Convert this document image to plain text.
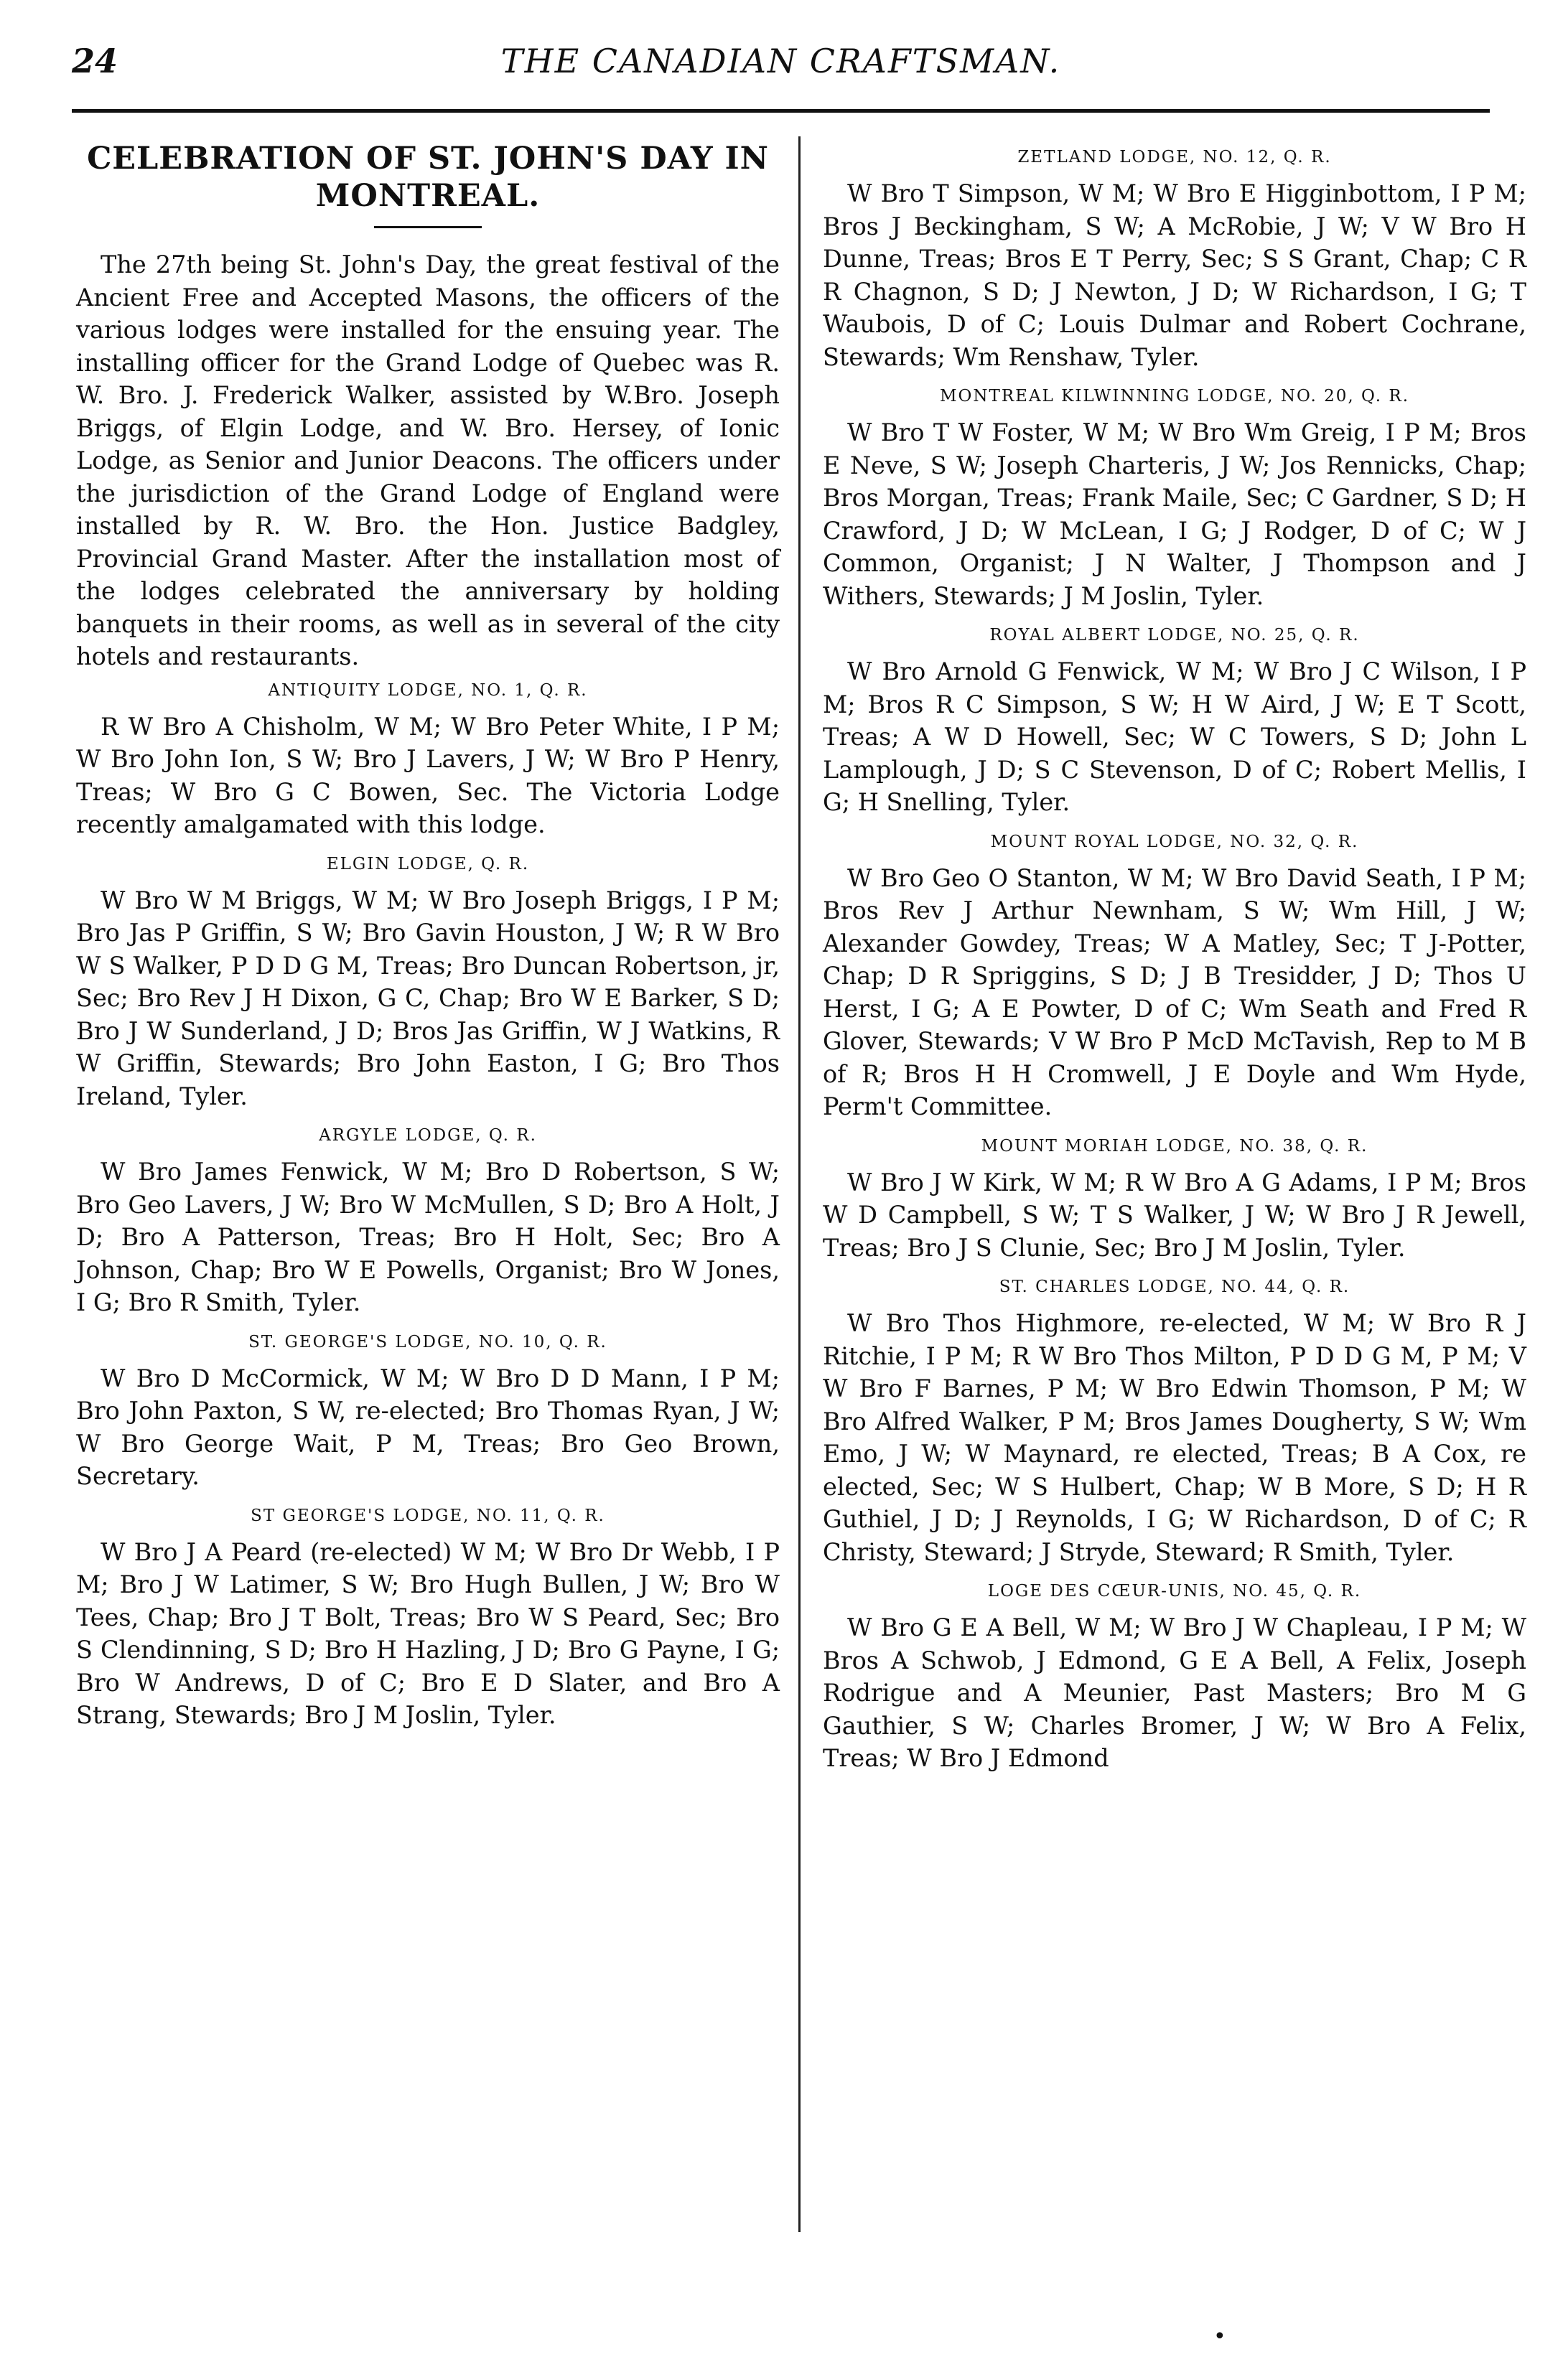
24	THE CANADIAN CRAFTSMAN.
CELEBRATION OF ST. JOHN'S DAY IN MONTREAL.

The 27th being St. John's Day, the great festival of the Ancient Free and Accepted Masons, the officers of the various lodges were installed for the ensuing year. The installing officer for the Grand Lodge of Quebec was R. W. Bro. J. Frederick Walker, assisted by W.Bro. Joseph Briggs, of Elgin Lodge, and W. Bro. Hersey, of Ionic Lodge, as Senior and Junior Deacons. The officers under the jurisdiction of the Grand Lodge of England were installed by R. W. Bro. the Hon. Justice Badgley, Provincial Grand Master. After the installation most of the lodges celebrated the anniversary by holding banquets in their rooms, as well as in several of the city hotels and restaurants.

ANTIQUITY LODGE, NO. 1, Q. R.

R W Bro A Chisholm, W M; W Bro Peter White, I P M; W Bro John Ion, S W; Bro J Lavers, J W; W Bro P Henry, Treas; W Bro G C Bowen, Sec. The Victoria Lodge recently amalgamated with this lodge.

ELGIN LODGE, Q. R.

W Bro W M Briggs, W M; W Bro Joseph Briggs, I P M; Bro Jas P Griffin, S W; Bro Gavin Houston, J W; R W Bro W S Walker, P D D G M, Treas; Bro Duncan Robertson, jr, Sec; Bro Rev J H Dixon, G C, Chap; Bro W E Barker, S D; Bro J W Sunderland, J D; Bros Jas Griffin, W J Watkins, R W Griffin, Stewards; Bro John Easton, I G; Bro Thos Ireland, Tyler.

ARGYLE LODGE, Q. R.

W Bro James Fenwick, W M; Bro D Robertson, S W; Bro Geo Lavers, J W; Bro W McMullen, S D; Bro A Holt, J D; Bro A Patterson, Treas; Bro H Holt, Sec; Bro A Johnson, Chap; Bro W E Powells, Organist; Bro W Jones, I G; Bro R Smith, Tyler.

ST. GEORGE'S LODGE, NO. 10, Q. R.

W Bro D McCormick, W M; W Bro D D Mann, I P M; Bro John Paxton, S W, re-elected; Bro Thomas Ryan, J W; W Bro George Wait, P M, Treas; Bro Geo Brown, Secretary.

ST GEORGE'S LODGE, NO. 11, Q. R.

W Bro J A Peard (re-elected) W M; W Bro Dr Webb, I P M; Bro J W Latimer, S W; Bro Hugh Bullen, J W; Bro W Tees, Chap; Bro J T Bolt, Treas; Bro W S Peard, Sec; Bro S Clendinning, S D; Bro H Hazling, J D; Bro G Payne, I G; Bro W Andrews, D of C; Bro E D Slater, and Bro A Strang, Stewards; Bro J M Joslin, Tyler.

ZETLAND LODGE, NO. 12, Q. R.

W Bro T Simpson, W M; W Bro E Higginbottom, I P M; Bros J Beckingham, S W; A McRobie, J W; V W Bro H Dunne, Treas; Bros E T Perry, Sec; S S Grant, Chap; C R R Chagnon, S D; J Newton, J D; W Richardson, I G; T Waubois, D of C; Louis Dulmar and Robert Cochrane, Stewards; Wm Renshaw, Tyler.

MONTREAL KILWINNING LODGE, NO. 20, Q. R.

W Bro T W Foster, W M; W Bro Wm Greig, I P M; Bros E Neve, S W; Joseph Charteris, J W; Jos Rennicks, Chap; Bros Morgan, Treas; Frank Maile, Sec; C Gardner, S D; H Crawford, J D; W McLean, I G; J Rodger, D of C; W J Common, Organist; J N Walter, J Thompson and J Withers, Stewards; J M Joslin, Tyler.

ROYAL ALBERT LODGE, NO. 25, Q. R.

W Bro Arnold G Fenwick, W M; W Bro J C Wilson, I P M; Bros R C Simpson, S W; H W Aird, J W; E T Scott, Treas; A W D Howell, Sec; W C Towers, S D; John L Lamplough, J D; S C Stevenson, D of C; Robert Mellis, I G; H Snelling, Tyler.

MOUNT ROYAL LODGE, NO. 32, Q. R.

W Bro Geo O Stanton, W M; W Bro David Seath, I P M; Bros Rev J Arthur Newnham, S W; Wm Hill, J W; Alexander Gowdey, Treas; W A Matley, Sec; T J-Potter, Chap; D R Spriggins, S D; J B Tresidder, J D; Thos U Herst, I G; A E Powter, D of C; Wm Seath and Fred R Glover, Stewards; V W Bro P McD McTavish, Rep to M B of R; Bros H H Cromwell, J E Doyle and Wm Hyde, Perm't Committee.

MOUNT MORIAH LODGE, NO. 38, Q. R.

W Bro J W Kirk, W M; R W Bro A G Adams, I P M; Bros W D Campbell, S W; T S Walker, J W; W Bro J R Jewell, Treas; Bro J S Clunie, Sec; Bro J M Joslin, Tyler.

ST. CHARLES LODGE, NO. 44, Q. R.

W Bro Thos Highmore, re-elected, W M; W Bro R J Ritchie, I P M; R W Bro Thos Milton, P D D G M, P M; V W Bro F Barnes, P M; W Bro Edwin Thomson, P M; W Bro Alfred Walker, P M; Bros James Dougherty, S W; Wm Emo, J W; W Maynard, re elected, Treas; B A Cox, re elected, Sec; W S Hulbert, Chap; W B More, S D; H R Guthiel, J D; J Reynolds, I G; W Richardson, D of C; R Christy, Steward; J Stryde, Steward; R Smith, Tyler.

LOGE DES CŒUR-UNIS, NO. 45, Q. R.

W Bro G E A Bell, W M; W Bro J W Chapleau, I P M; W Bros A Schwob, J Edmond, G E A Bell, A Felix, Joseph Rodrigue and A Meunier, Past Masters; Bro M G Gauthier, S W; Charles Bromer, J W; W Bro A Felix, Treas; W Bro J Edmond

•
